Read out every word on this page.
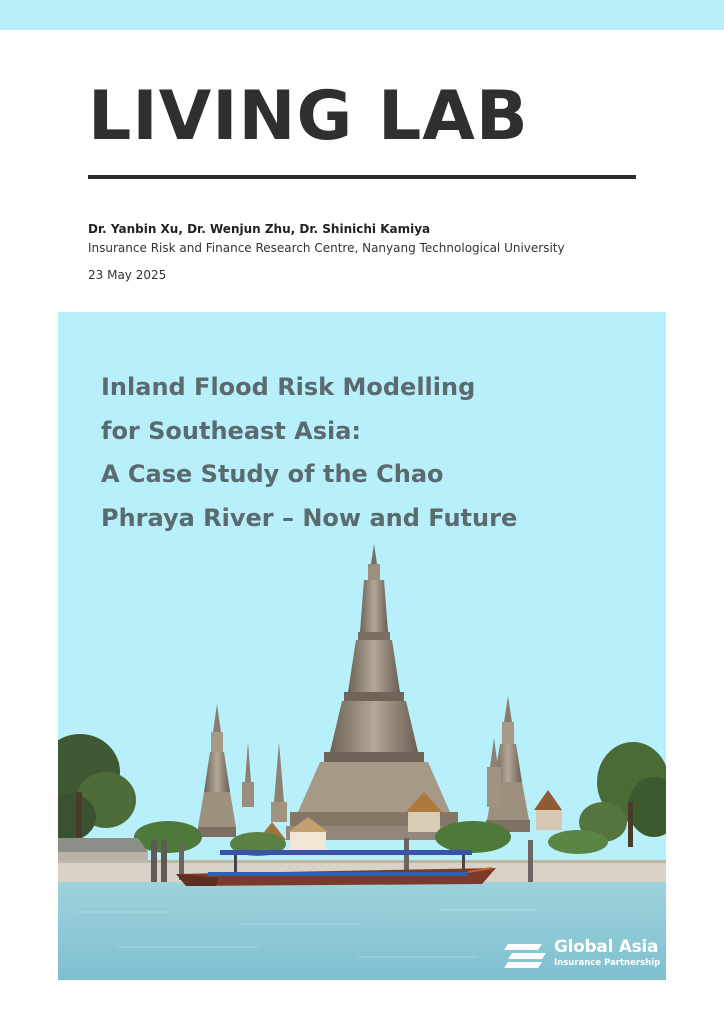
LIVING LAB
Dr. Yanbin Xu, Dr. Wenjun Zhu, Dr. Shinichi Kamiya
Insurance Risk and Finance Research Centre, Nanyang Technological University
23 May 2025
Inland Flood Risk Modelling
for Southeast Asia:
A Case Study of the Chao
Phraya River – Now and Future
Global Asia
Insurance Partnership
